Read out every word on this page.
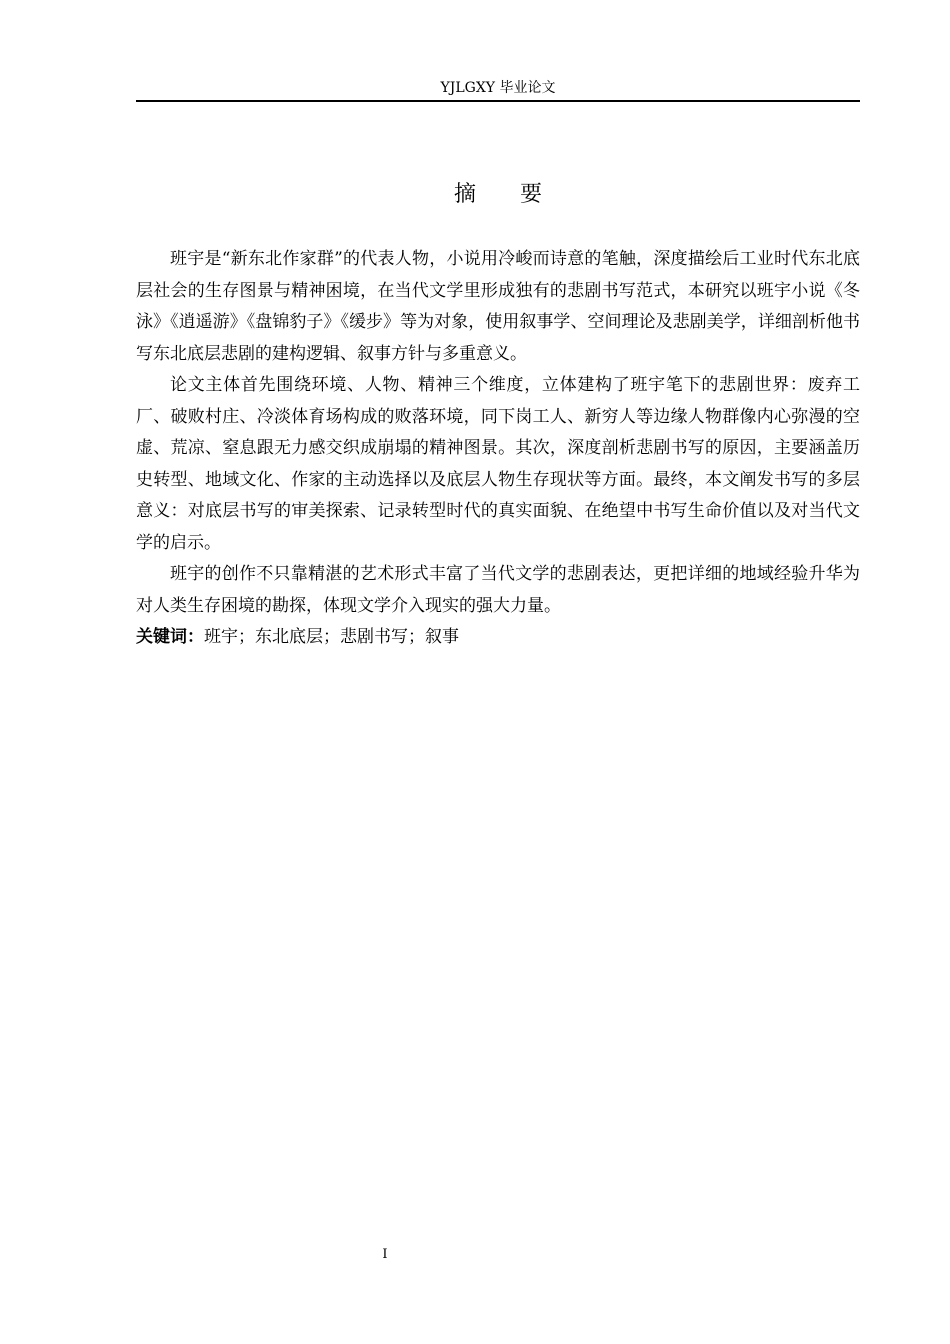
YJLGXY 毕业论文
摘要

班宇是“新东北作家群”的代表人物，小说用冷峻而诗意的笔触，深度描绘后工业时代东北底层社会的生存图景与精神困境，在当代文学里形成独有的悲剧书写范式，本研究以班宇小说《冬泳》《逍遥游》《盘锦豹子》《缓步》等为对象，使用叙事学、空间理论及悲剧美学，详细剖析他书写东北底层悲剧的建构逻辑、叙事方针与多重意义。

论文主体首先围绕环境、人物、精神三个维度，立体建构了班宇笔下的悲剧世界：废弃工厂、破败村庄、冷淡体育场构成的败落环境，同下岗工人、新穷人等边缘人物群像内心弥漫的空虚、荒凉、窒息跟无力感交织成崩塌的精神图景。其次，深度剖析悲剧书写的原因，主要涵盖历史转型、地域文化、作家的主动选择以及底层人物生存现状等方面。最终，本文阐发书写的多层意义：对底层书写的审美探索、记录转型时代的真实面貌、在绝望中书写生命价值以及对当代文学的启示。

班宇的创作不只靠精湛的艺术形式丰富了当代文学的悲剧表达，更把详细的地域经验升华为对人类生存困境的勘探，体现文学介入现实的强大力量。

关键词：班宇；东北底层；悲剧书写；叙事

I
